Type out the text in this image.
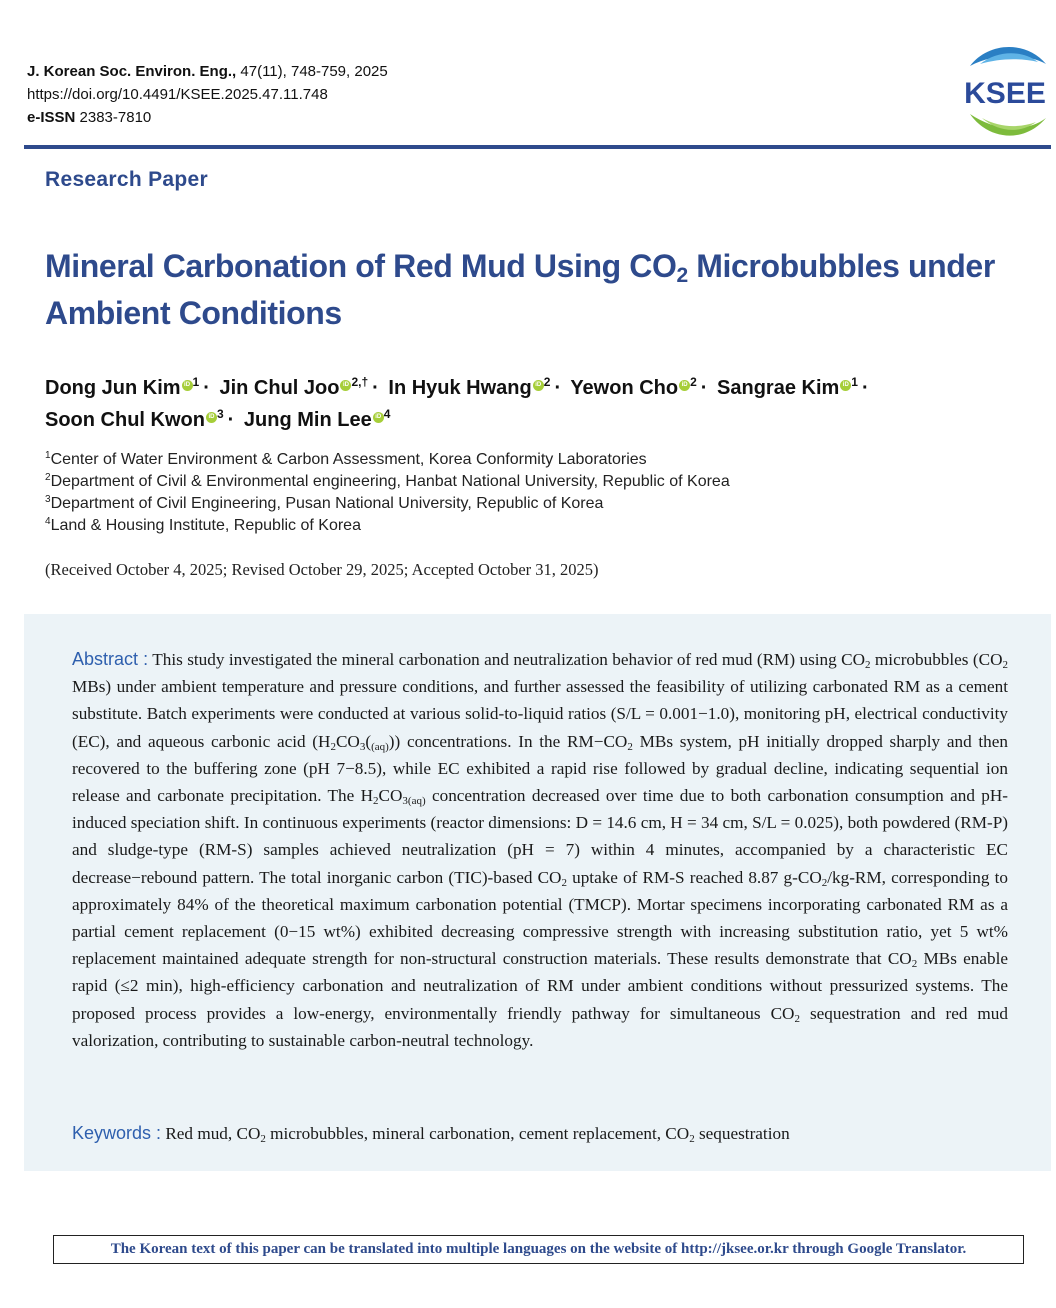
J. Korean Soc. Environ. Eng., 47(11), 748-759, 2025
https://doi.org/10.4491/KSEE.2025.47.11.748
e-ISSN 2383-7810
KSEE
Research Paper
Mineral Carbonation of Red Mud Using $CO_2$ Microbubbles under Ambient Conditions
Dong Jun Kim iD $^1$ · Jin Chul Joo iD $^{2,\dagger}$ · In Hyuk Hwang iD $^2$ · Yewon Cho iD $^2$ · Sangrae Kim iD $^1$ ·
Soon Chul Kwon iD $^3$ · Jung Min Lee iD $^4$
$^1$Center of Water Environment & Carbon Assessment, Korea Conformity Laboratories
$^2$Department of Civil & Environmental engineering, Hanbat National University, Republic of Korea
$^3$Department of Civil Engineering, Pusan National University, Republic of Korea
$^4$Land & Housing Institute, Republic of Korea
(Received October 4, 2025; Revised October 29, 2025; Accepted October 31, 2025)
Abstract : This study investigated the mineral carbonation and neutralization behavior of red mud (RM) using $CO_2$ microbubbles ($CO_2$ MBs) under ambient temperature and pressure conditions, and further assessed the feasibility of utilizing carbonated RM as a cement substitute. Batch experiments were conducted at various solid-to-liquid ratios (S/L = 0.001−1.0), monitoring pH, electrical conductivity (EC), and aqueous carbonic acid $(H_2CO_3(_{(aq)}))$ concentrations. In the $RM-CO_2$ MBs system, pH initially dropped sharply and then recovered to the buffering zone (pH 7−8.5), while EC exhibited a rapid rise followed by gradual decline, indicating sequential ion release and carbonate precipitation. The $H_2CO_{3(aq)}$ concentration decreased over time due to both carbonation consumption and pH-induced speciation shift. In continuous experiments (reactor dimensions: D = 14.6 cm, H = 34 cm, S/L = 0.025), both powdered (RM-P) and sludge-type (RM-S) samples achieved neutralization (pH = 7) within 4 minutes, accompanied by a characteristic EC decrease−rebound pattern. The total inorganic carbon (TIC)-based $CO_2$ uptake of RM-S reached 8.87 $g-CO_2/kg-RM$, corresponding to approximately 84% of the theoretical maximum carbonation potential (TMCP). Mortar specimens incorporating carbonated RM as a partial cement replacement (0−15 wt%) exhibited decreasing compressive strength with increasing substitution ratio, yet 5 wt% replacement maintained adequate strength for non-structural construction materials. These results demonstrate that $CO_2$ MBs enable rapid (≤2 min), high-efficiency carbonation and neutralization of RM under ambient conditions without pressurized systems. The proposed process provides a low-energy, environmentally friendly pathway for simultaneous $CO_2$ sequestration and red mud valorization, contributing to sustainable carbon-neutral technology.
Keywords : Red mud, $CO_2$ microbubbles, mineral carbonation, cement replacement, $CO_2$ sequestration
The Korean text of this paper can be translated into multiple languages on the website of http://jksee.or.kr through Google Translator.
